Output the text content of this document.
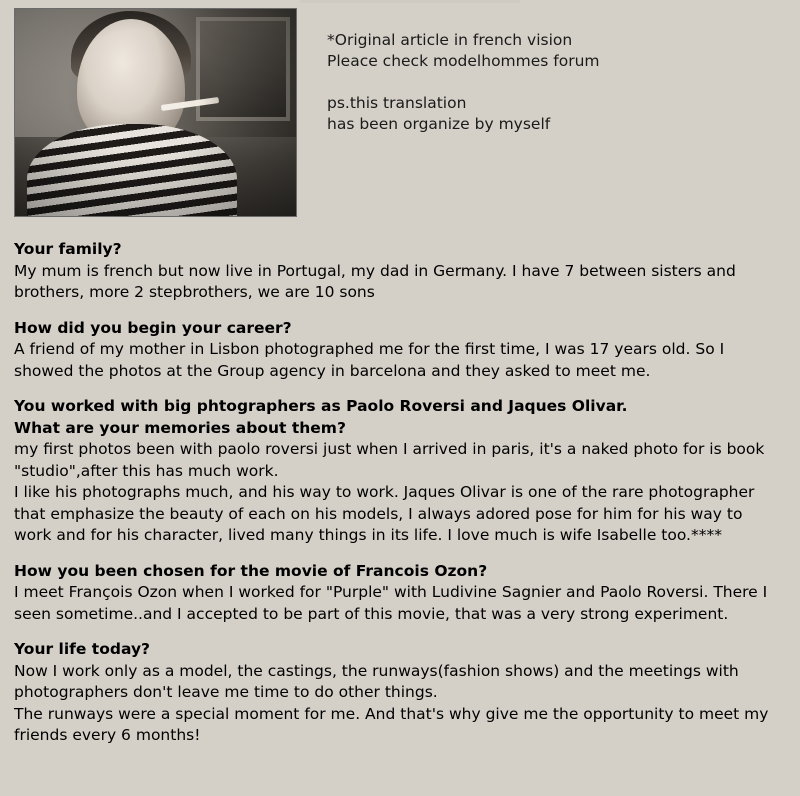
*Original article in french vision

Pleace check modelhommes forum

ps.this translation

has been organize by myself

Your family?

My mum is french but now live in Portugal, my dad in Germany. I have 7 between sisters and brothers, more 2 stepbrothers, we are 10 sons

How did you begin your career?

A friend of my mother in Lisbon photographed me for the first time, I was 17 years old. So I showed the photos at the Group agency in barcelona and they asked to meet me.

You worked with big phtographers as Paolo Roversi and Jaques Olivar.

What are your memories about them?

my first photos been with paolo roversi just when I arrived in paris, it's a naked photo for is book "studio",after this has much work.

I like his photographs much, and his way to work. Jaques Olivar is one of the rare photographer that emphasize the beauty of each on his models, I always adored pose for him for his way to work and for his character, lived many things in its life. I love much is wife Isabelle too.****

How you been chosen for the movie of Francois Ozon?

I meet François Ozon when I worked for "Purple" with Ludivine Sagnier and Paolo Roversi. There I seen sometime..and I accepted to be part of this movie, that was a very strong experiment.

Your life today?

Now I work only as a model, the castings, the runways(fashion shows) and the meetings with photographers don't leave me time to do other things.

The runways were a special moment for me. And that's why give me the opportunity to meet my friends every 6 months!
